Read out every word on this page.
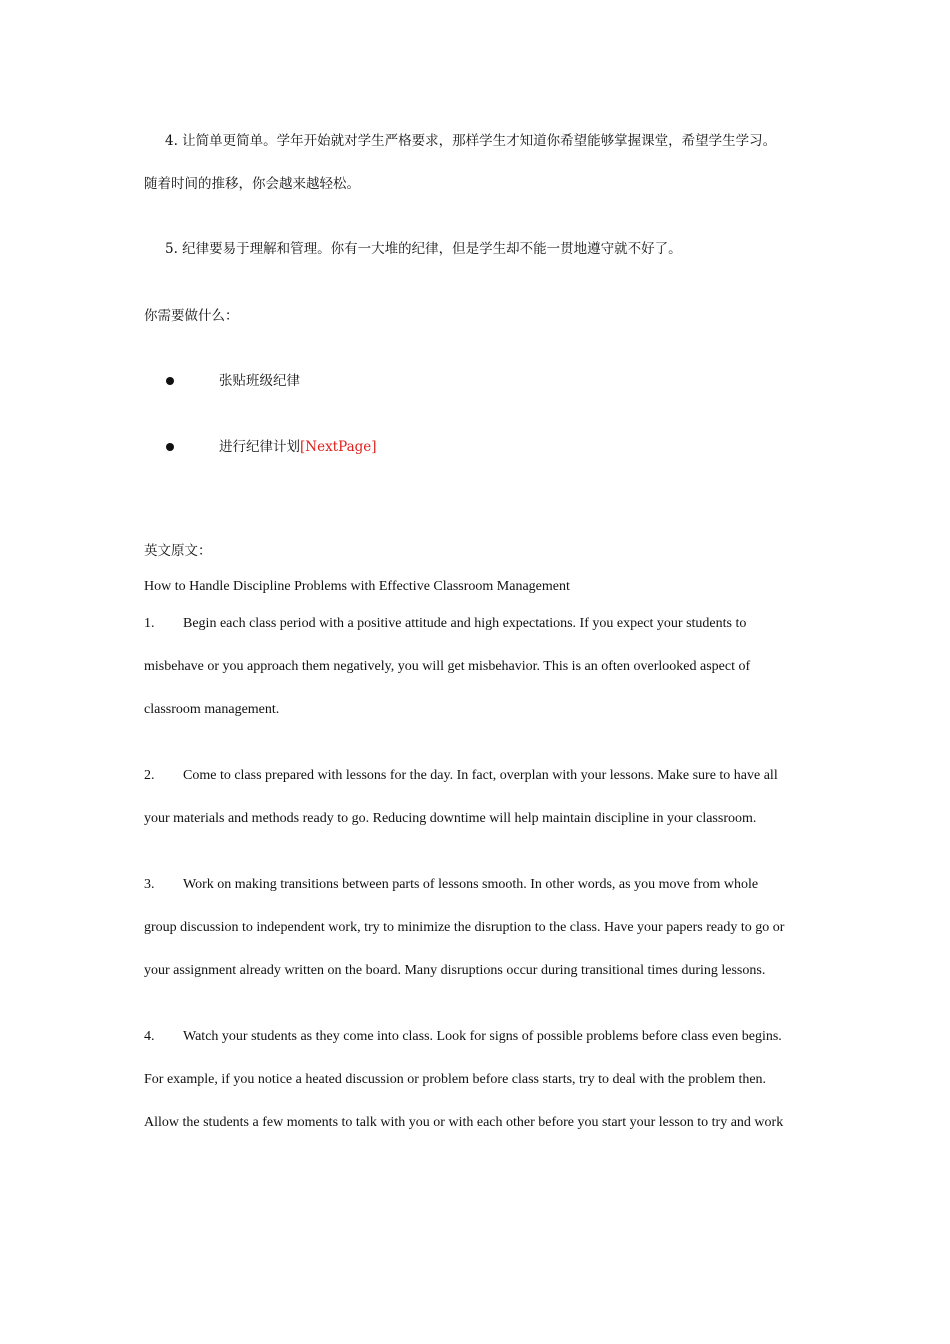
4. 让简单更简单。学年开始就对学生严格要求，那样学生才知道你希望能够掌握课堂，希望学生学习。
随着时间的推移，你会越来越轻松。
5. 纪律要易于理解和管理。你有一大堆的纪律，但是学生却不能一贯地遵守就不好了。
你需要做什么：
张贴班级纪律
进行纪律计划[NextPage]
英文原文：
How to Handle Discipline Problems with Effective Classroom Management
1. Begin each class period with a positive attitude and high expectations. If you expect your students to
misbehave or you approach them negatively, you will get misbehavior. This is an often overlooked aspect of
classroom management.
2. Come to class prepared with lessons for the day. In fact, overplan with your lessons. Make sure to have all
your materials and methods ready to go. Reducing downtime will help maintain discipline in your classroom.
3. Work on making transitions between parts of lessons smooth. In other words, as you move from whole
group discussion to independent work, try to minimize the disruption to the class. Have your papers ready to go or
your assignment already written on the board. Many disruptions occur during transitional times during lessons.
4. Watch your students as they come into class. Look for signs of possible problems before class even begins.
For example, if you notice a heated discussion or problem before class starts, try to deal with the problem then.
Allow the students a few moments to talk with you or with each other before you start your lesson to try and work
